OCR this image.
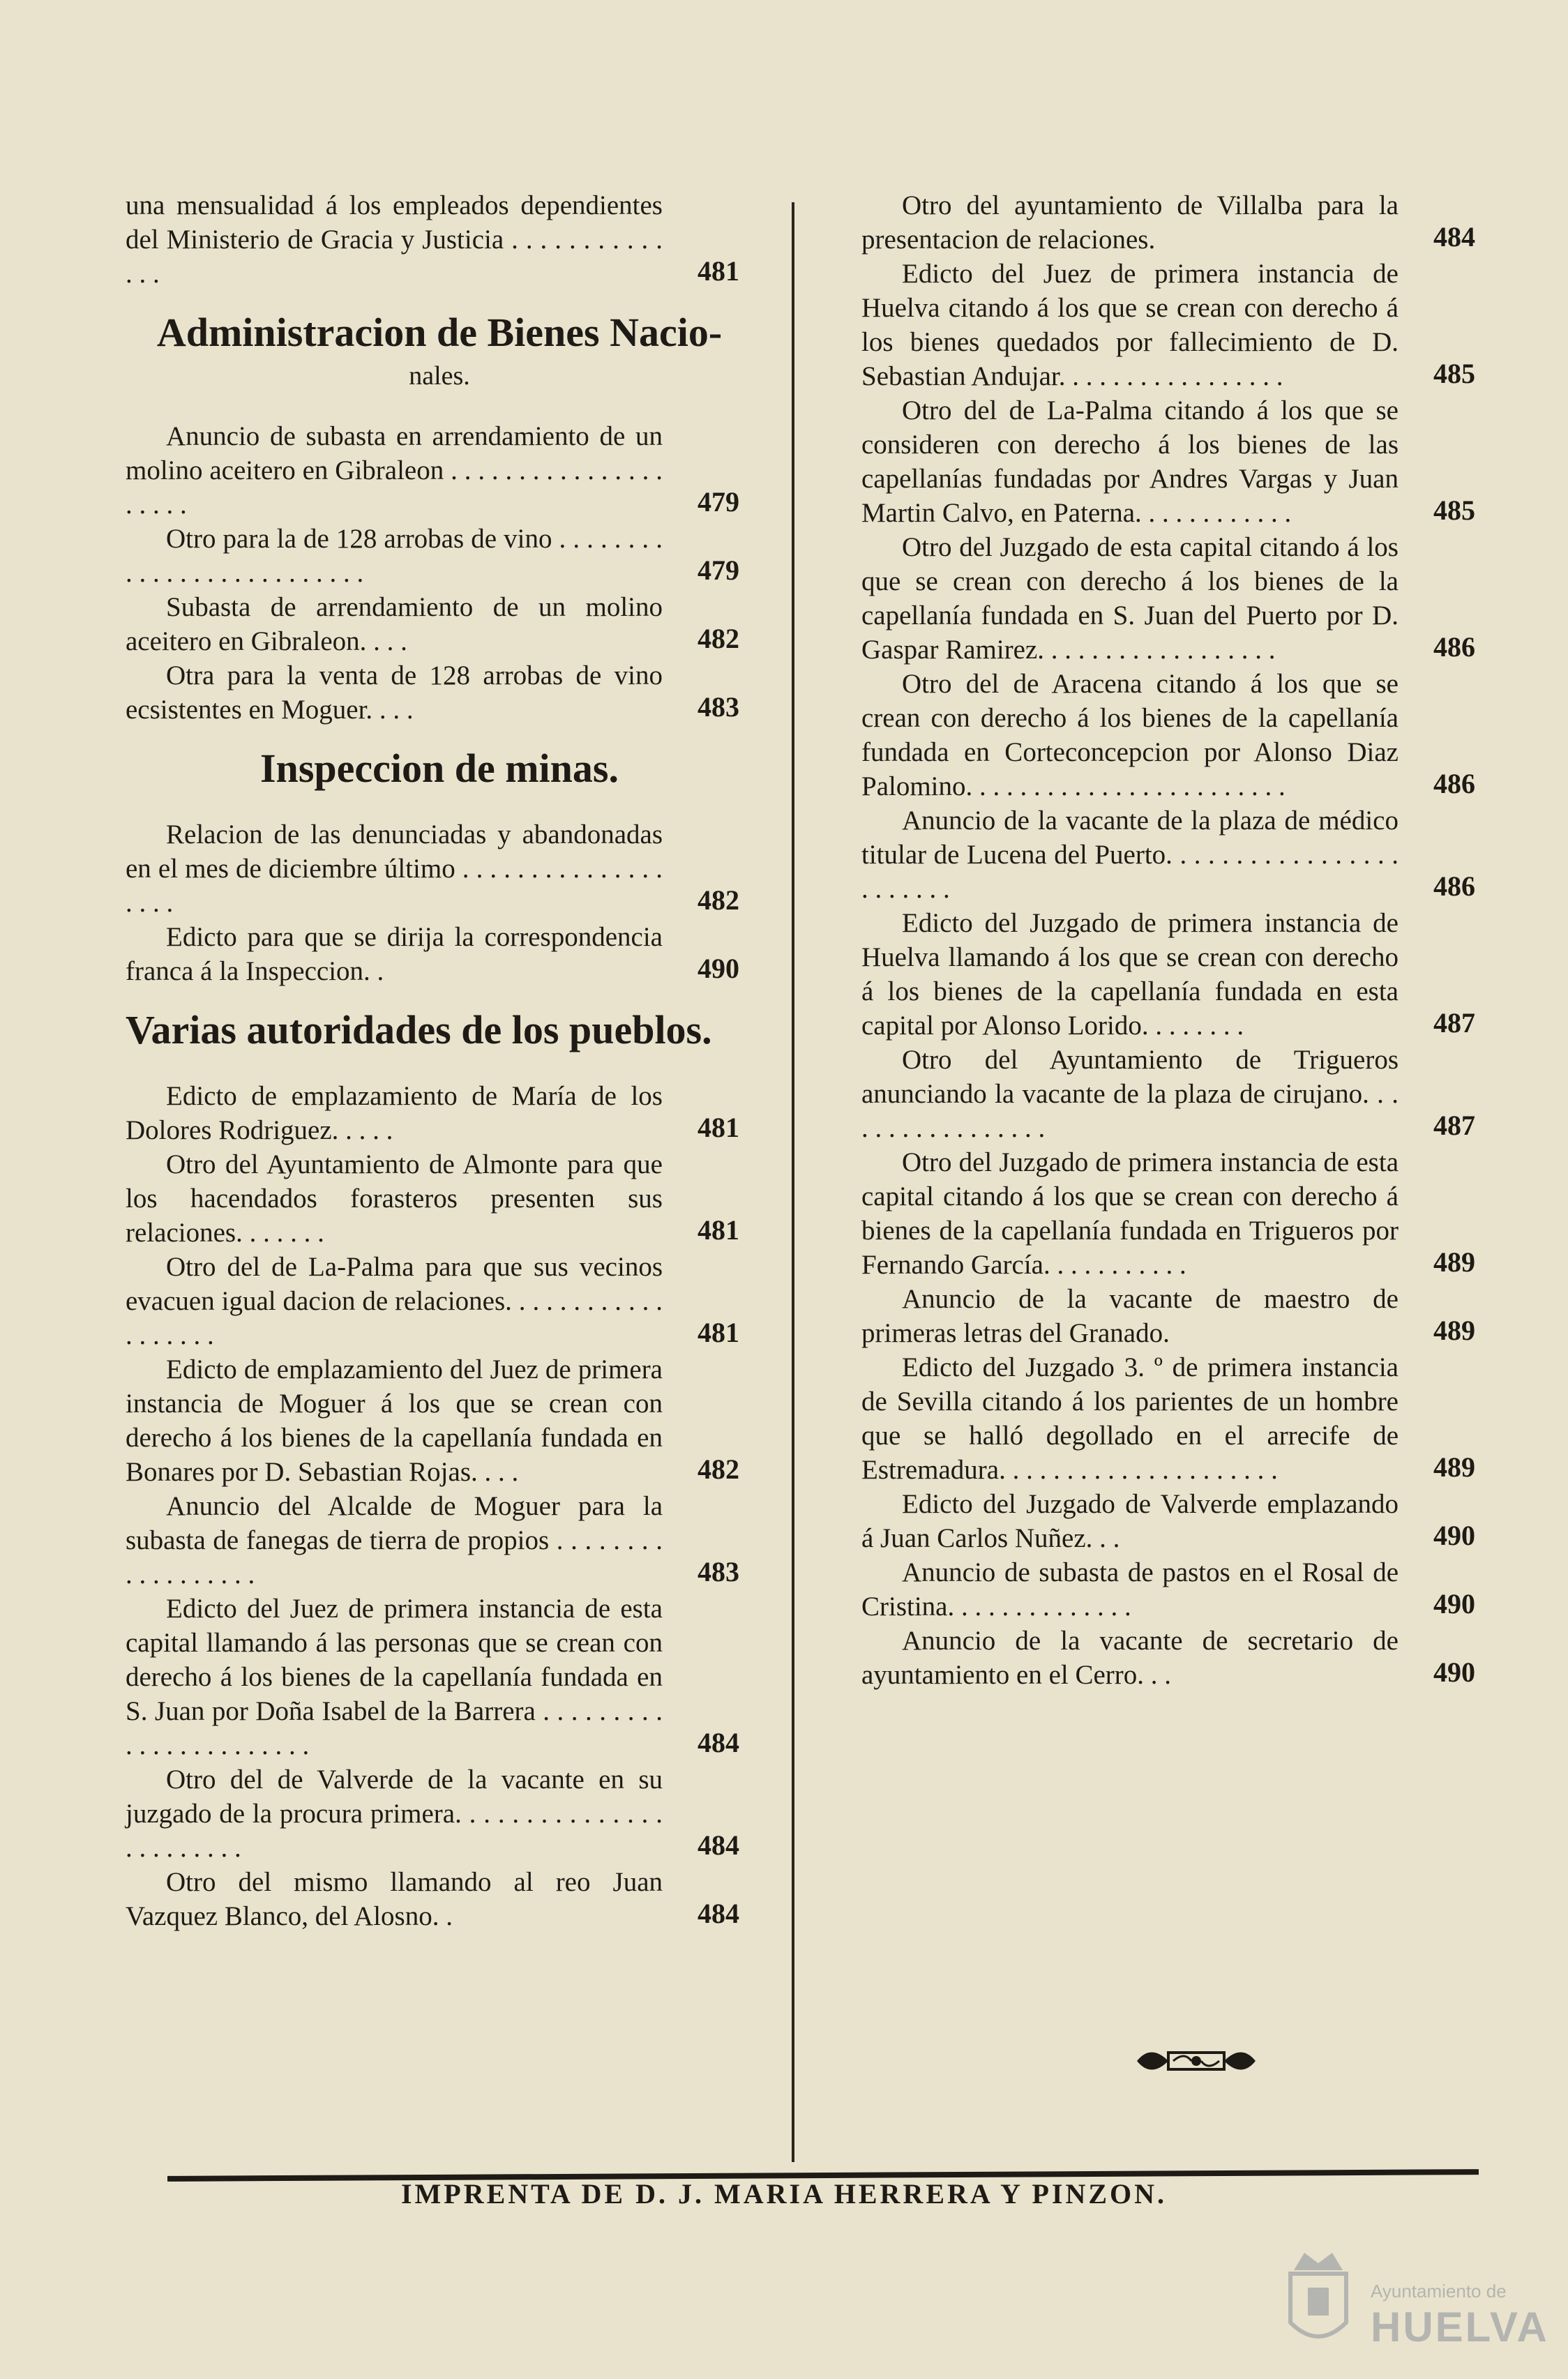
una mensualidad á los empleados dependientes del Ministerio de Gracia y Justicia . . . . . . . . . . . . . .	481
Administracion de Bienes Nacio-
nales.
Anuncio de subasta en arrendamiento de un molino aceitero en Gibraleon . . . . . . . . . . . . . . . . . . . . .	479
Otro para la de 128 arrobas de vino . . . . . . . . . . . . . . . . . . . . . . . . . .	479
Subasta de arrendamiento de un molino aceitero en Gibraleon. . . .	482
Otra para la venta de 128 arrobas de vino ecsistentes en Moguer. . . .	483
Inspeccion de minas.
Relacion de las denunciadas y abandonadas en el mes de diciembre último . . . . . . . . . . . . . . . . . . .	482
Edicto para que se dirija la correspondencia franca á la Inspeccion. .	490
Varias autoridades de los pueblos.
Edicto de emplazamiento de María de los Dolores Rodriguez. . . . .	481
Otro del Ayuntamiento de Almonte para que los hacendados forasteros presenten sus relaciones. . . . . . .	481
Otro del de La-Palma para que sus vecinos evacuen igual dacion de relaciones. . . . . . . . . . . . . . . . . . .	481
Edicto de emplazamiento del Juez de primera instancia de Moguer á los que se crean con derecho á los bienes de la capellanía fundada en Bonares por D. Sebastian Rojas. . . .	482
Anuncio del Alcalde de Moguer para la subasta de fanegas de tierra de propios . . . . . . . . . . . . . . . . . .	483
Edicto del Juez de primera instancia de esta capital llamando á las personas que se crean con derecho á los bienes de la capellanía fundada en S. Juan por Doña Isabel de la Barrera . . . . . . . . . . . . . . . . . . . . . . .	484
Otro del de Valverde de la vacante en su juzgado de la procura primera. . . . . . . . . . . . . . . . . . . . . . . .	484
Otro del mismo llamando al reo Juan Vazquez Blanco, del Alosno. .	484
Otro del ayuntamiento de Villalba para la presentacion de relaciones.	484
Edicto del Juez de primera instancia de Huelva citando á los que se crean con derecho á los bienes quedados por fallecimiento de D. Sebastian Andujar. . . . . . . . . . . . . . . . .	485
Otro del de La-Palma citando á los que se consideren con derecho á los bienes de las capellanías fundadas por Andres Vargas y Juan Martin Calvo, en Paterna. . . . . . . . . . . .	485
Otro del Juzgado de esta capital citando á los que se crean con derecho á los bienes de la capellanía fundada en S. Juan del Puerto por D. Gaspar Ramirez. . . . . . . . . . . . . . . . . .	486
Otro del de Aracena citando á los que se crean con derecho á los bienes de la capellanía fundada en Corteconcepcion por Alonso Diaz Palomino. . . . . . . . . . . . . . . . . . . . . . . .	486
Anuncio de la vacante de la plaza de médico titular de Lucena del Puerto. . . . . . . . . . . . . . . . . . . . . . . .	486
Edicto del Juzgado de primera instancia de Huelva llamando á los que se crean con derecho á los bienes de la capellanía fundada en esta capital por Alonso Lorido. . . . . . . .	487
Otro del Ayuntamiento de Trigueros anunciando la vacante de la plaza de cirujano. . . . . . . . . . . . . . . . .	487
Otro del Juzgado de primera instancia de esta capital citando á los que se crean con derecho á bienes de la capellanía fundada en Trigueros por Fernando García. . . . . . . . . . .	489
Anuncio de la vacante de maestro de primeras letras del Granado.	489
Edicto del Juzgado 3. º de primera instancia de Sevilla citando á los parientes de un hombre que se halló degollado en el arrecife de Estremadura. . . . . . . . . . . . . . . . . . . . .	489
Edicto del Juzgado de Valverde emplazando á Juan Carlos Nuñez. . .	490
Anuncio de subasta de pastos en el Rosal de Cristina. . . . . . . . . . . . . .	490
Anuncio de la vacante de secretario de ayuntamiento en el Cerro. . .	490
IMPRENTA DE D. J. MARIA HERRERA Y PINZON.
Ayuntamiento de
HUELVA
